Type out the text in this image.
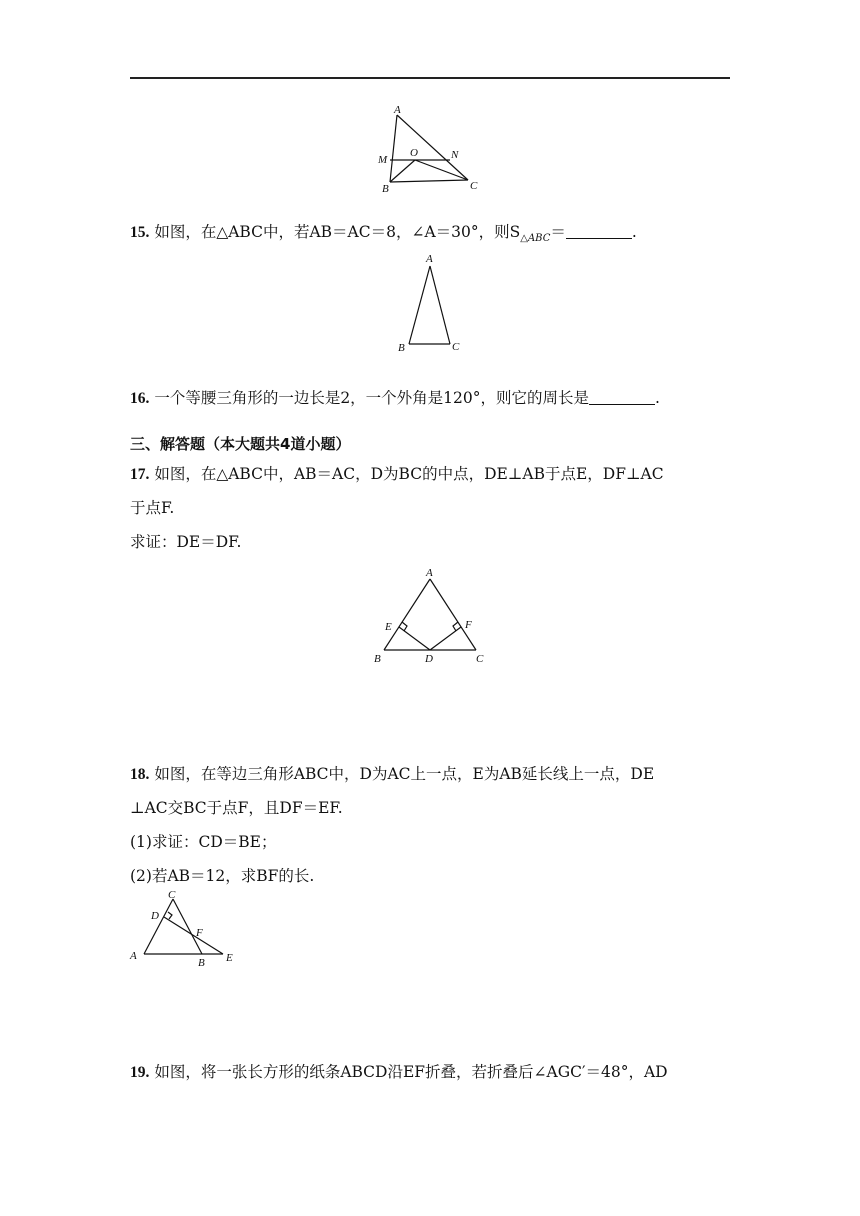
A
M
O	N
B	C
15. 如图，在△ABC中，若AB＝AC＝8，∠A＝30°，则$S_{\triangle ABC}=$	.
A
B	C
16. 一个等腰三角形的一边长是2，一个外角是120°，则它的周长是	.
三、解答题（本大题共4道小题）
17. 如图，在△ABC中，AB＝AC，D为BC的中点，DE⊥AB于点E，DF⊥AC
于点F.
求证：DE＝DF.
A
E	F
B	D	C
18. 如图，在等边三角形ABC中，D为AC上一点，E为AB延长线上一点，DE
⊥AC交BC于点F，且DF＝EF.
(1)求证：CD＝BE；
(2)若AB＝12，求BF的长.
C
D
F
A
B E
19. 如图，将一张长方形的纸条ABCD沿EF折叠，若折叠后∠AGC′＝48°，AD
